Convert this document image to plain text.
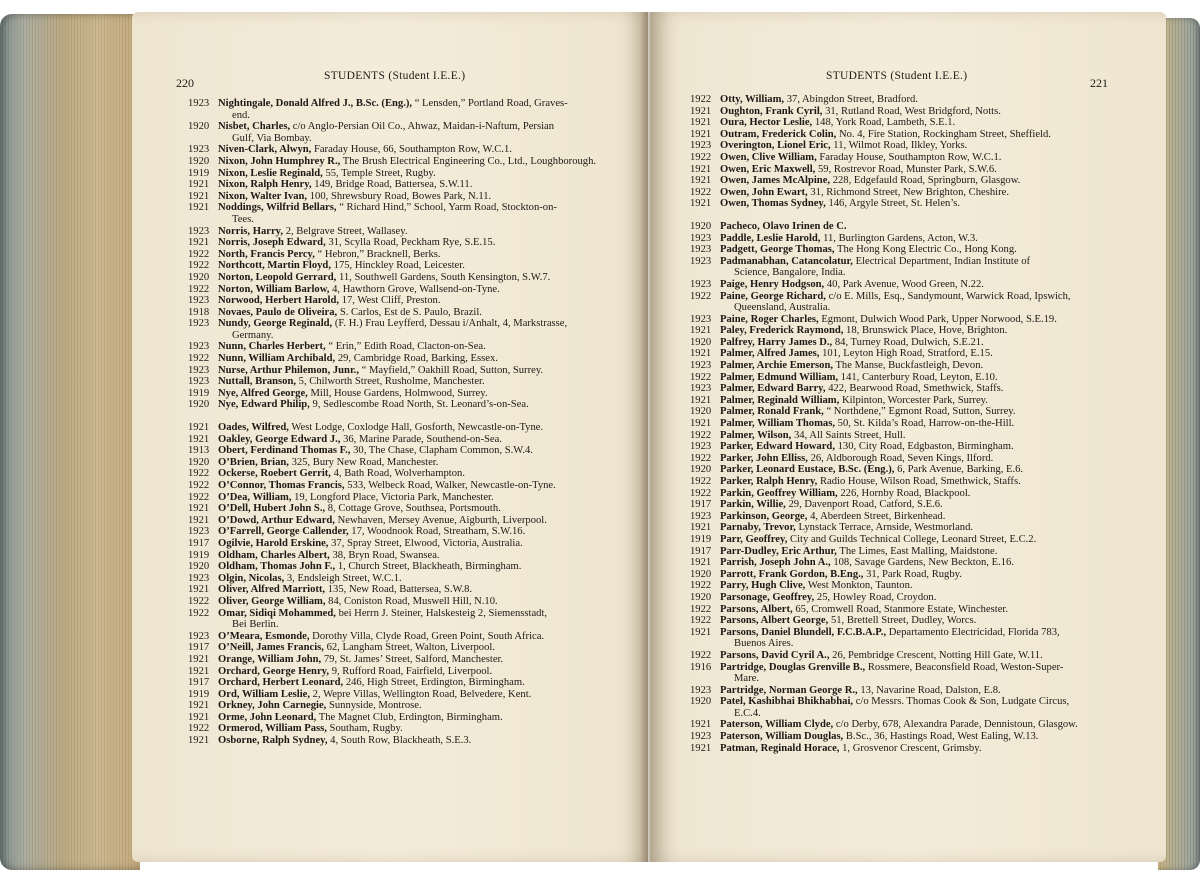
220	STUDENTS (Student I.E.E.)
1923 Nightingale, Donald Alfred J., B.Sc. (Eng.), “ Lensden,” Portland Road, Graves-
end.
1920 Nisbet, Charles, c/o Anglo-Persian Oil Co., Ahwaz, Maidan-i-Naftum, Persian
Gulf, Via Bombay.
1923 Niven-Clark, Alwyn, Faraday House, 66, Southampton Row, W.C.1.
1920 Nixon, John Humphrey R., The Brush Electrical Engineering Co., Ltd., Loughborough.
1919 Nixon, Leslie Reginald, 55, Temple Street, Rugby.
1921 Nixon, Ralph Henry, 149, Bridge Road, Battersea, S.W.11.
1921 Nixon, Walter Ivan, 100, Shrewsbury Road, Bowes Park, N.11.
1921 Noddings, Wilfrid Bellars, “ Richard Hind,” School, Yarm Road, Stockton-on-
Tees.
1923 Norris, Harry, 2, Belgrave Street, Wallasey.
1921 Norris, Joseph Edward, 31, Scylla Road, Peckham Rye, S.E.15.
1922 North, Francis Percy, “ Hebron,” Bracknell, Berks.
1922 Northcott, Martin Floyd, 175, Hinckley Road, Leicester.
1920 Norton, Leopold Gerrard, 11, Southwell Gardens, South Kensington, S.W.7.
1922 Norton, William Barlow, 4, Hawthorn Grove, Wallsend-on-Tyne.
1923 Norwood, Herbert Harold, 17, West Cliff, Preston.
1918 Novaes, Paulo de Oliveira, S. Carlos, Est de S. Paulo, Brazil.
1923 Nundy, George Reginald, (F. H.) Frau Leyfferd, Dessau i/Anhalt, 4, Markstrasse,
Germany.
1923 Nunn, Charles Herbert, “ Erin,” Edith Road, Clacton-on-Sea.
1922 Nunn, William Archibald, 29, Cambridge Road, Barking, Essex.
1923 Nurse, Arthur Philemon, Junr., “ Mayfield,” Oakhill Road, Sutton, Surrey.
1923 Nuttall, Branson, 5, Chilworth Street, Rusholme, Manchester.
1919 Nye, Alfred George, Mill, House Gardens, Holmwood, Surrey.
1920 Nye, Edward Philip, 9, Sedlescombe Road North, St. Leonard’s-on-Sea.
1921 Oades, Wilfred, West Lodge, Coxlodge Hall, Gosforth, Newcastle-on-Tyne.
1921 Oakley, George Edward J., 36, Marine Parade, Southend-on-Sea.
1913 Obert, Ferdinand Thomas F., 30, The Chase, Clapham Common, S.W.4.
1920 O’Brien, Brian, 325, Bury New Road, Manchester.
1922 Ockerse, Roebert Gerrit, 4, Bath Road, Wolverhampton.
1922 O’Connor, Thomas Francis, 533, Welbeck Road, Walker, Newcastle-on-Tyne.
1922 O’Dea, William, 19, Longford Place, Victoria Park, Manchester.
1921 O’Dell, Hubert John S., 8, Cottage Grove, Southsea, Portsmouth.
1921 O’Dowd, Arthur Edward, Newhaven, Mersey Avenue, Aigburth, Liverpool.
1923 O’Farrell, George Callender, 17, Woodnook Road, Streatham, S.W.16.
1917 Ogilvie, Harold Erskine, 37, Spray Street, Elwood, Victoria, Australia.
1919 Oldham, Charles Albert, 38, Bryn Road, Swansea.
1920 Oldham, Thomas John F., 1, Church Street, Blackheath, Birmingham.
1923 Olgin, Nicolas, 3, Endsleigh Street, W.C.1.
1921 Oliver, Alfred Marriott, 135, New Road, Battersea, S.W.8.
1922 Oliver, George William, 84, Coniston Road, Muswell Hill, N.10.
1922 Omar, Sidiqi Mohammed, bei Herrn J. Steiner, Halskesteig 2, Siemensstadt,
Bei Berlin.
1923 O’Meara, Esmonde, Dorothy Villa, Clyde Road, Green Point, South Africa.
1917 O’Neill, James Francis, 62, Langham Street, Walton, Liverpool.
1921 Orange, William John, 79, St. James’ Street, Salford, Manchester.
1921 Orchard, George Henry, 9, Rufford Road, Fairfield, Liverpool.
1917 Orchard, Herbert Leonard, 246, High Street, Erdington, Birmingham.
1919 Ord, William Leslie, 2, Wepre Villas, Wellington Road, Belvedere, Kent.
1921 Orkney, John Carnegie, Sunnyside, Montrose.
1921 Orme, John Leonard, The Magnet Club, Erdington, Birmingham.
1922 Ormerod, William Pass, Southam, Rugby.
1921 Osborne, Ralph Sydney, 4, South Row, Blackheath, S.E.3.
STUDENTS (Student I.E.E.)	221
1922 Otty, William, 37, Abingdon Street, Bradford.
1921 Oughton, Frank Cyril, 31, Rutland Road, West Bridgford, Notts.
1921 Oura, Hector Leslie, 148, York Road, Lambeth, S.E.1.
1921 Outram, Frederick Colin, No. 4, Fire Station, Rockingham Street, Sheffield.
1923 Overington, Lionel Eric, 11, Wilmot Road, Ilkley, Yorks.
1922 Owen, Clive William, Faraday House, Southampton Row, W.C.1.
1921 Owen, Eric Maxwell, 59, Rostrevor Road, Munster Park, S.W.6.
1921 Owen, James McAlpine, 228, Edgefauld Road, Springburn, Glasgow.
1922 Owen, John Ewart, 31, Richmond Street, New Brighton, Cheshire.
1921 Owen, Thomas Sydney, 146, Argyle Street, St. Helen’s.
1920 Pacheco, Olavo Irinen de C.
1923 Paddle, Leslie Harold, 11, Burlington Gardens, Acton, W.3.
1923 Padgett, George Thomas, The Hong Kong Electric Co., Hong Kong.
1923 Padmanabhan, Catancolatur, Electrical Department, Indian Institute of
Science, Bangalore, India.
1923 Paige, Henry Hodgson, 40, Park Avenue, Wood Green, N.22.
1922 Paine, George Richard, c/o E. Mills, Esq., Sandymount, Warwick Road, Ipswich,
Queensland, Australia.
1923 Paine, Roger Charles, Egmont, Dulwich Wood Park, Upper Norwood, S.E.19.
1921 Paley, Frederick Raymond, 18, Brunswick Place, Hove, Brighton.
1920 Palfrey, Harry James D., 84, Turney Road, Dulwich, S.E.21.
1921 Palmer, Alfred James, 101, Leyton High Road, Stratford, E.15.
1923 Palmer, Archie Emerson, The Manse, Buckfastleigh, Devon.
1922 Palmer, Edmund William, 141, Canterbury Road, Leyton, E.10.
1923 Palmer, Edward Barry, 422, Bearwood Road, Smethwick, Staffs.
1921 Palmer, Reginald William, Kilpinton, Worcester Park, Surrey.
1920 Palmer, Ronald Frank, “ Northdene,” Egmont Road, Sutton, Surrey.
1921 Palmer, William Thomas, 50, St. Kilda’s Road, Harrow-on-the-Hill.
1922 Palmer, Wilson, 34, All Saints Street, Hull.
1923 Parker, Edward Howard, 130, City Road, Edgbaston, Birmingham.
1922 Parker, John Elliss, 26, Aldborough Road, Seven Kings, Ilford.
1920 Parker, Leonard Eustace, B.Sc. (Eng.), 6, Park Avenue, Barking, E.6.
1922 Parker, Ralph Henry, Radio House, Wilson Road, Smethwick, Staffs.
1922 Parkin, Geoffrey William, 226, Hornby Road, Blackpool.
1917 Parkin, Willie, 29, Davenport Road, Catford, S.E.6.
1923 Parkinson, George, 4, Aberdeen Street, Birkenhead.
1921 Parnaby, Trevor, Lynstack Terrace, Arnside, Westmorland.
1919 Parr, Geoffrey, City and Guilds Technical College, Leonard Street, E.C.2.
1917 Parr-Dudley, Eric Arthur, The Limes, East Malling, Maidstone.
1921 Parrish, Joseph John A., 108, Savage Gardens, New Beckton, E.16.
1920 Parrott, Frank Gordon, B.Eng., 31, Park Road, Rugby.
1922 Parry, Hugh Clive, West Monkton, Taunton.
1920 Parsonage, Geoffrey, 25, Howley Road, Croydon.
1922 Parsons, Albert, 65, Cromwell Road, Stanmore Estate, Winchester.
1922 Parsons, Albert George, 51, Brettell Street, Dudley, Worcs.
1921 Parsons, Daniel Blundell, F.C.B.A.P., Departamento Electricidad, Florida 783,
Buenos Aires.
1922 Parsons, David Cyril A., 26, Pembridge Crescent, Notting Hill Gate, W.11.
1916 Partridge, Douglas Grenville B., Rossmere, Beaconsfield Road, Weston-Super-
Mare.
1923 Partridge, Norman George R., 13, Navarine Road, Dalston, E.8.
1920 Patel, Kashibhai Bhikhabhai, c/o Messrs. Thomas Cook & Son, Ludgate Circus,
E.C.4.
1921 Paterson, William Clyde, c/o Derby, 678, Alexandra Parade, Dennistoun, Glasgow.
1923 Paterson, William Douglas, B.Sc., 36, Hastings Road, West Ealing, W.13.
1921 Patman, Reginald Horace, 1, Grosvenor Crescent, Grimsby.
